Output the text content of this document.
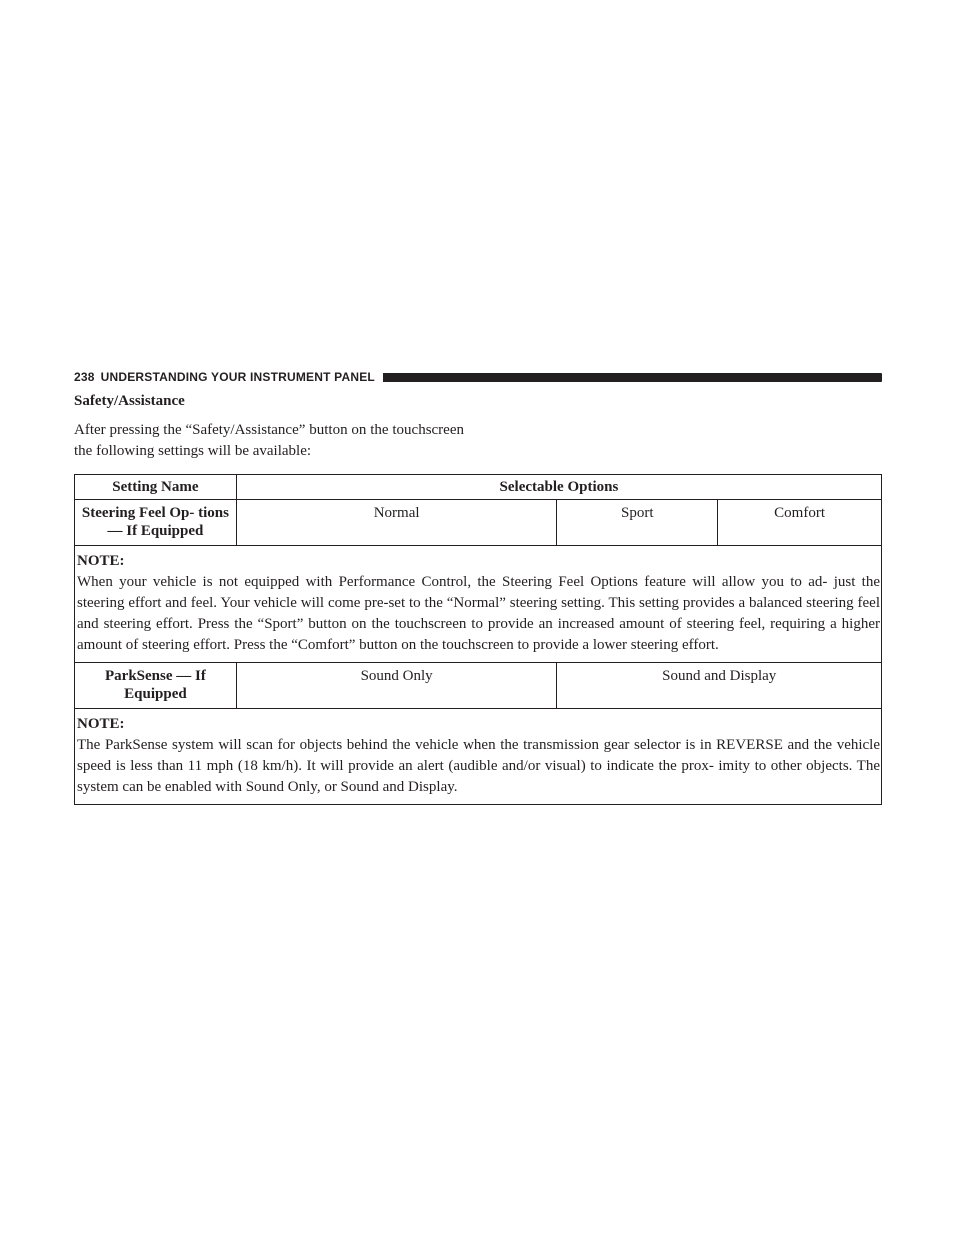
238 UNDERSTANDING YOUR INSTRUMENT PANEL
Safety/Assistance
After pressing the “Safety/Assistance” button on the touchscreen the following settings will be available:
Setting Name	Selectable Options		
Steering Feel Op- tions — If Equipped	Normal	Sport	Comfort

NOTE:
When your vehicle is not equipped with Performance Control, the Steering Feel Options feature will allow you to ad- just the steering effort and feel. Your vehicle will come pre-set to the “Normal” steering setting. This setting provides a balanced steering feel and steering effort. Press the “Sport” button on the touchscreen to provide an increased amount of steering feel, requiring a higher amount of steering effort. Press the “Comfort” button on the touchscreen to provide a lower steering effort.			

ParkSense — If Equipped	Sound Only	Sound and Display	

NOTE:
The ParkSense system will scan for objects behind the vehicle when the transmission gear selector is in REVERSE and the vehicle speed is less than 11 mph (18 km/h). It will provide an alert (audible and/or visual) to indicate the prox- imity to other objects. The system can be enabled with Sound Only, or Sound and Display.			
